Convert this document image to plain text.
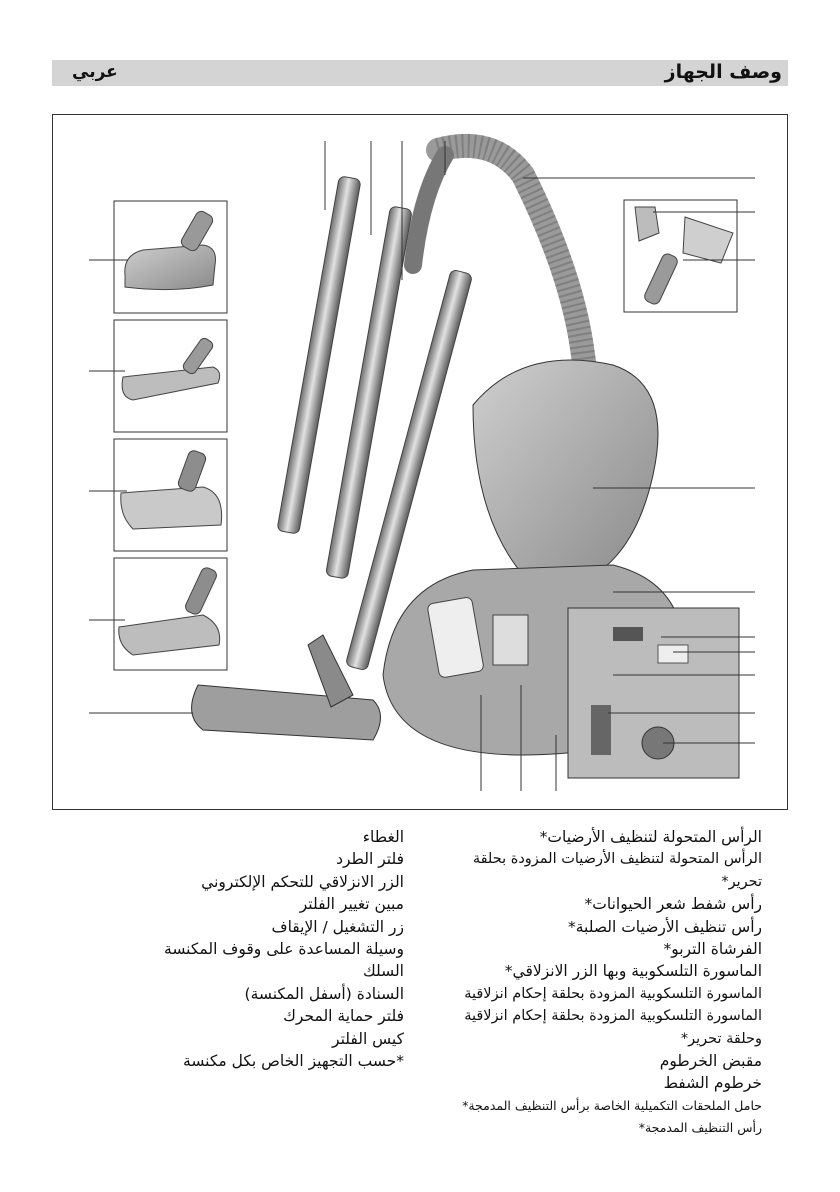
عربي	وصف الجهاز
الرأس المتحولة لتنظيف الأرضيات*
الرأس المتحولة لتنظيف الأرضيات المزودة بحلقة
تحرير*
رأس شفط شعر الحيوانات*
رأس تنظيف الأرضيات الصلبة*
الفرشاة التربو*
الماسورة التلسكوبية وبها الزر الانزلاقي*
الماسورة التلسكوبية المزودة بحلقة إحكام انزلاقية
الماسورة التلسكوبية المزودة بحلقة إحكام انزلاقية
وحلقة تحرير*
مقبض الخرطوم
خرطوم الشفط
حامل الملحقات التكميلية الخاصة برأس التنظيف المدمجة*
رأس التنظيف المدمجة*
الغطاء
فلتر الطرد
الزر الانزلاقي للتحكم الإلكتروني
مبين تغيير الفلتر
زر التشغيل / الإيقاف
وسيلة المساعدة على وقوف المكنسة
السلك
السنادة (أسفل المكنسة)
فلتر حماية المحرك
كيس الفلتر
*حسب التجهيز الخاص بكل مكنسة
